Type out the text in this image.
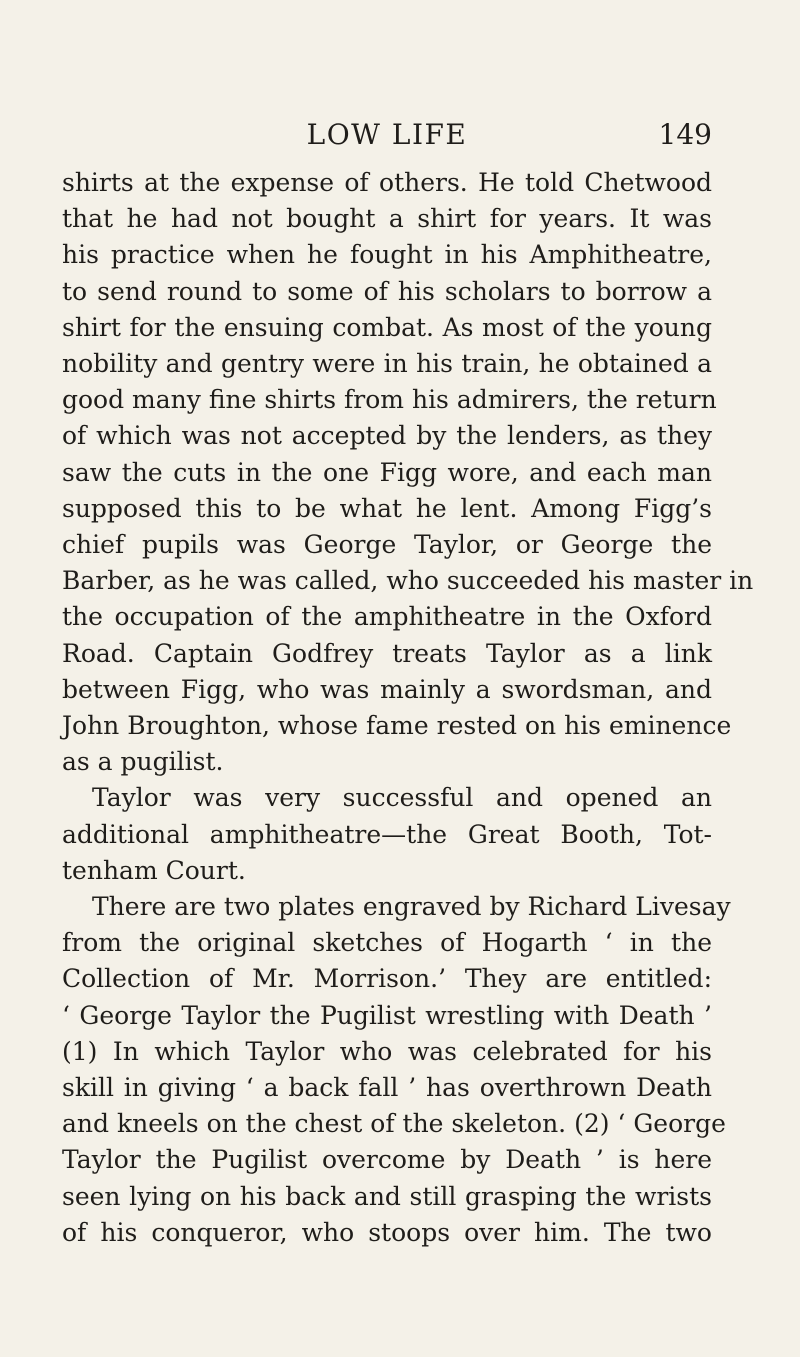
LOW LIFE	149
shirts at the expense of others. He told Chetwood
that he had not bought a shirt for years. It was
his practice when he fought in his Amphitheatre,
to send round to some of his scholars to borrow a
shirt for the ensuing combat. As most of the young
nobility and gentry were in his train, he obtained a
good many fine shirts from his admirers, the return
of which was not accepted by the lenders, as they
saw the cuts in the one Figg wore, and each man
supposed this to be what he lent. Among Figg’s
chief pupils was George Taylor, or George the
Barber, as he was called, who succeeded his master in
the occupation of the amphitheatre in the Oxford
Road. Captain Godfrey treats Taylor as a link
between Figg, who was mainly a swordsman, and
John Broughton, whose fame rested on his eminence
as a pugilist.
Taylor was very successful and opened an
additional amphitheatre—the Great Booth, Tot-
tenham Court.
There are two plates engraved by Richard Livesay
from the original sketches of Hogarth ‘ in the
Collection of Mr. Morrison.’ They are entitled:
‘ George Taylor the Pugilist wrestling with Death ’
(1) In which Taylor who was celebrated for his
skill in giving ‘ a back fall ’ has overthrown Death
and kneels on the chest of the skeleton. (2) ‘ George
Taylor the Pugilist overcome by Death ’ is here
seen lying on his back and still grasping the wrists
of his conqueror, who stoops over him. The two
